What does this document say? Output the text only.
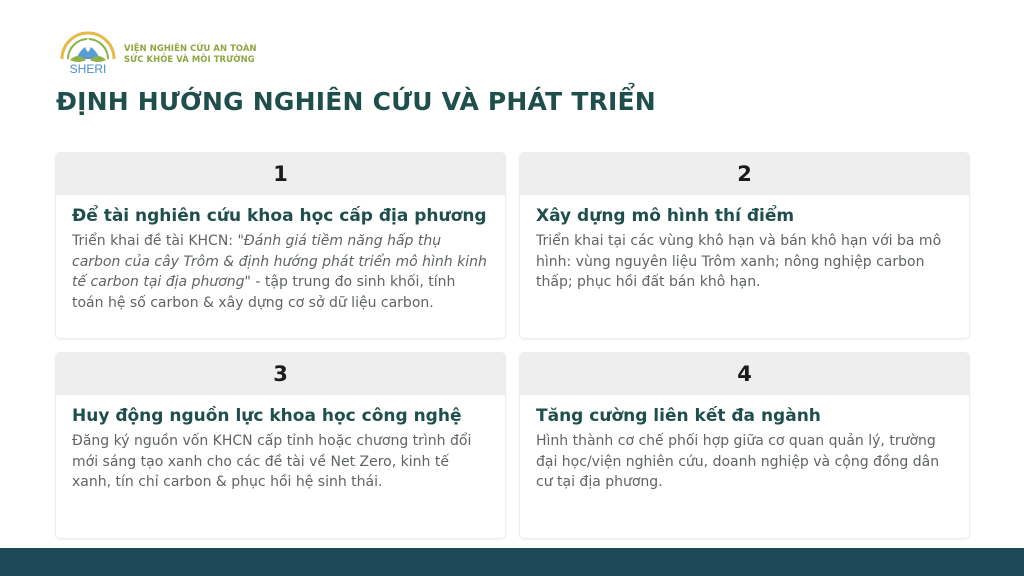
SHERI
VIỆN NGHIÊN CỨU AN TOÀN
SỨC KHỎE VÀ MÔI TRƯỜNG
ĐỊNH HƯỚNG NGHIÊN CỨU VÀ PHÁT TRIỂN
1
Để tài nghiên cứu khoa học cấp địa phương
Triển khai đề tài KHCN: "Đánh giá tiềm năng hấp thụ carbon của cây Trôm & định hướng phát triển mô hình kinh tế carbon tại địa phương" - tập trung đo sinh khối, tính toán hệ số carbon & xây dựng cơ sở dữ liệu carbon.
2
Xây dựng mô hình thí điểm
Triển khai tại các vùng khô hạn và bán khô hạn với ba mô hình: vùng nguyên liệu Trôm xanh; nông nghiệp carbon thấp; phục hồi đất bán khô hạn.
3
Huy động nguồn lực khoa học công nghệ
Đăng ký nguồn vốn KHCN cấp tỉnh hoặc chương trình đổi mới sáng tạo xanh cho các đề tài về Net Zero, kinh tế xanh, tín chỉ carbon & phục hồi hệ sinh thái.
4
Tăng cường liên kết đa ngành
Hình thành cơ chế phối hợp giữa cơ quan quản lý, trường đại học/viện nghiên cứu, doanh nghiệp và cộng đồng dân cư tại địa phương.
